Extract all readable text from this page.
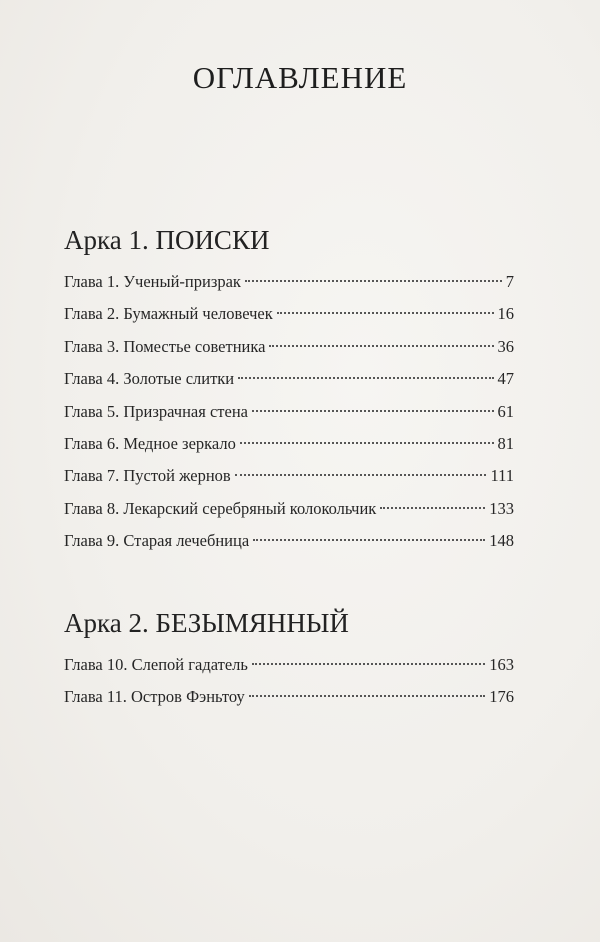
ОГЛАВЛЕНИЕ
Арка 1. ПОИСКИ
Глава 1. Ученый-призрак	7
Глава 2. Бумажный человечек	16
Глава 3. Поместье советника	36
Глава 4. Золотые слитки	47
Глава 5. Призрачная стена	61
Глава 6. Медное зеркало	81
Глава 7. Пустой жернов	111
Глава 8. Лекарский серебряный колокольчик	133
Глава 9. Старая лечебница	148
Арка 2. БЕЗЫМЯННЫЙ
Глава 10. Слепой гадатель	163
Глава 11. Остров Фэньтоу	176
